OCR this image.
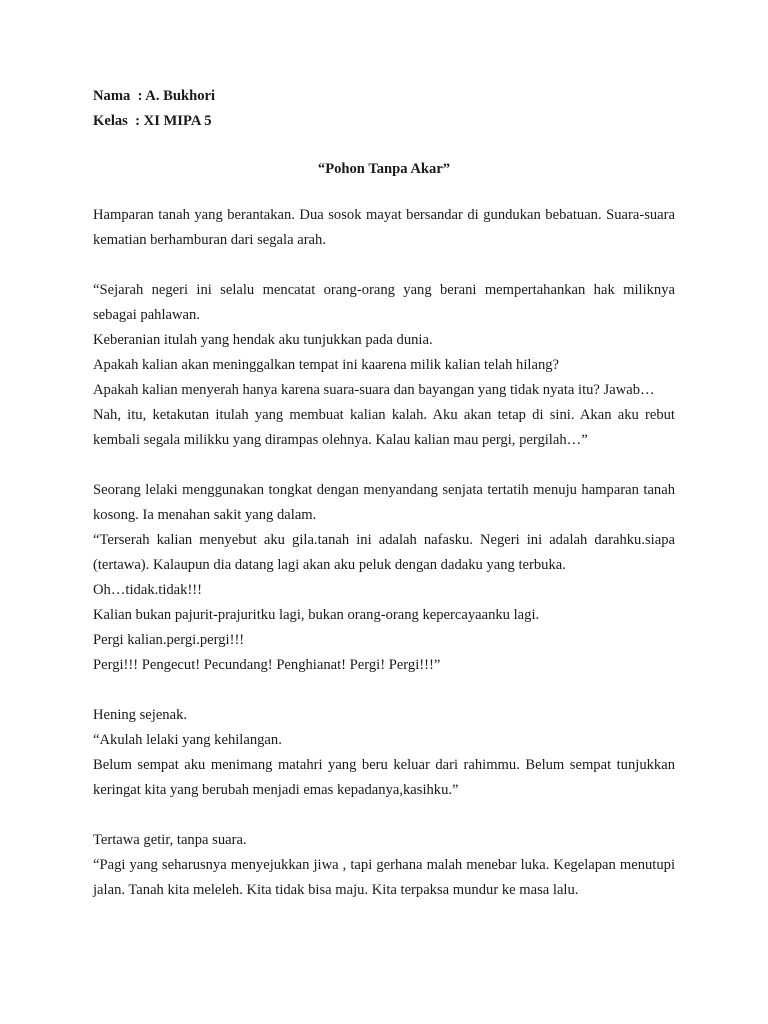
Nama  : A. Bukhori
Kelas  : XI MIPA 5
“Pohon Tanpa Akar”

Hamparan tanah yang berantakan. Dua sosok mayat bersandar di gundukan bebatuan. Suara-suara kematian berhamburan dari segala arah.

“Sejarah negeri ini selalu mencatat orang-orang yang berani mempertahankan hak miliknya sebagai pahlawan.

Keberanian itulah yang hendak aku tunjukkan pada dunia.

Apakah kalian akan meninggalkan tempat ini kaarena milik kalian telah hilang?

Apakah kalian menyerah hanya karena suara-suara dan bayangan yang tidak nyata itu? Jawab…

Nah, itu, ketakutan itulah yang membuat kalian kalah. Aku akan tetap di sini. Akan aku rebut kembali segala milikku yang dirampas olehnya. Kalau kalian mau pergi, pergilah…”

Seorang lelaki menggunakan tongkat dengan menyandang senjata tertatih menuju hamparan tanah kosong. Ia menahan sakit yang dalam.

“Terserah kalian menyebut aku gila.tanah ini adalah nafasku. Negeri ini adalah darahku.siapa (tertawa). Kalaupun dia datang lagi akan aku peluk dengan dadaku yang terbuka.

Oh…tidak.tidak!!!

Kalian bukan pajurit-prajuritku lagi, bukan orang-orang kepercayaanku lagi.

Pergi kalian.pergi.pergi!!!

Pergi!!! Pengecut! Pecundang! Penghianat! Pergi! Pergi!!!”

Hening sejenak.

“Akulah lelaki yang kehilangan.

Belum sempat aku menimang matahri yang beru keluar dari rahimmu. Belum sempat tunjukkan keringat kita yang berubah menjadi emas kepadanya,kasihku.”

Tertawa getir, tanpa suara.

“Pagi yang seharusnya menyejukkan jiwa , tapi gerhana malah menebar luka. Kegelapan menutupi jalan. Tanah kita meleleh. Kita tidak bisa maju. Kita terpaksa mundur ke masa lalu.
